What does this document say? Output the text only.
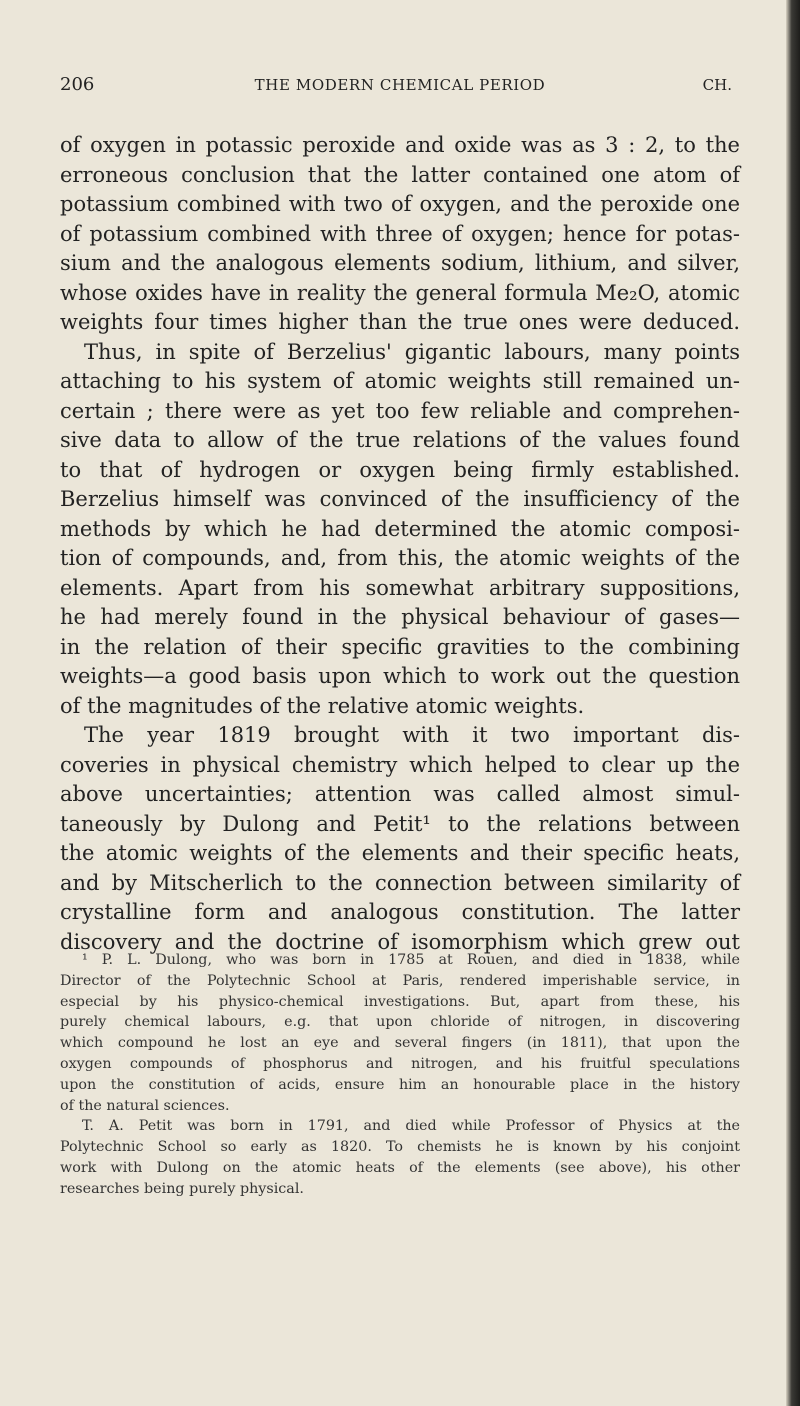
206	THE MODERN CHEMICAL PERIOD	CH.
of oxygen in potassic peroxide and oxide was as 3 : 2, to the
erroneous conclusion that the latter contained one atom of
potassium combined with two of oxygen, and the peroxide one
of potassium combined with three of oxygen; hence for potas-
sium and the analogous elements sodium, lithium, and silver,
whose oxides have in reality the general formula Me₂O, atomic
weights four times higher than the true ones were deduced.
Thus, in spite of Berzelius' gigantic labours, many points
attaching to his system of atomic weights still remained un-
certain ; there were as yet too few reliable and comprehen-
sive data to allow of the true relations of the values found
to that of hydrogen or oxygen being firmly established.
Berzelius himself was convinced of the insufficiency of the
methods by which he had determined the atomic composi-
tion of compounds, and, from this, the atomic weights of the
elements. Apart from his somewhat arbitrary suppositions,
he had merely found in the physical behaviour of gases—
in the relation of their specific gravities to the combining
weights—a good basis upon which to work out the question
of the magnitudes of the relative atomic weights.
The year 1819 brought with it two important dis-
coveries in physical chemistry which helped to clear up the
above uncertainties; attention was called almost simul-
taneously by Dulong and Petit¹ to the relations between
the atomic weights of the elements and their specific heats,
and by Mitscherlich to the connection between similarity of
crystalline form and analogous constitution. The latter
discovery and the doctrine of isomorphism which grew out
¹ P. L. Dulong, who was born in 1785 at Rouen, and died in 1838, while
Director of the Polytechnic School at Paris, rendered imperishable service, in
especial by his physico-chemical investigations. But, apart from these, his
purely chemical labours, e.g. that upon chloride of nitrogen, in discovering
which compound he lost an eye and several fingers (in 1811), that upon the
oxygen compounds of phosphorus and nitrogen, and his fruitful speculations
upon the constitution of acids, ensure him an honourable place in the history
of the natural sciences.
T. A. Petit was born in 1791, and died while Professor of Physics at the
Polytechnic School so early as 1820. To chemists he is known by his conjoint
work with Dulong on the atomic heats of the elements (see above), his other
researches being purely physical.
